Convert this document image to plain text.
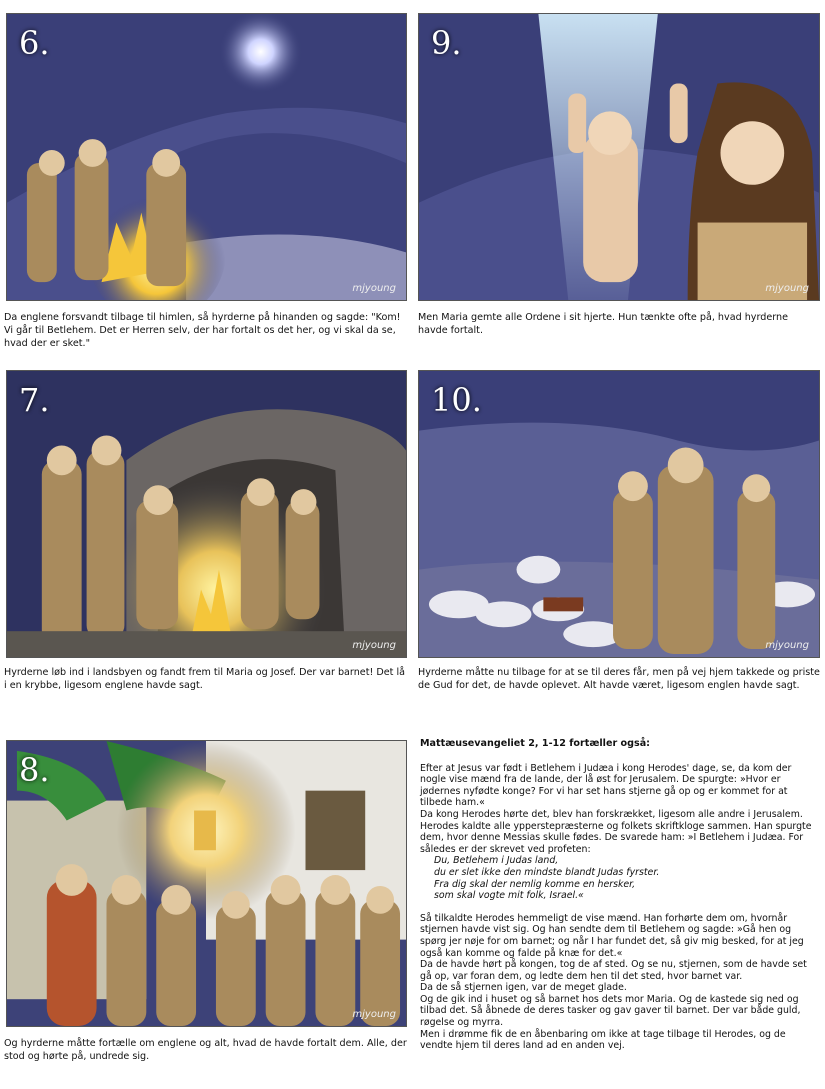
6.
mjyoung
Da englene forsvandt tilbage til himlen, så hyrderne på hinanden og sagde: "Kom! Vi går til Betlehem. Det er Herren selv, der har fortalt os det her, og vi skal da se, hvad der er sket."
9.
mjyoung
Men Maria gemte alle Ordene i sit hjerte. Hun tænkte ofte på, hvad hyrderne havde fortalt.
7.
mjyoung
Hyrderne løb ind i landsbyen og fandt frem til Maria og Josef. Der var barnet! Det lå i en krybbe, ligesom englene havde sagt.
10.
mjyoung
Hyrderne måtte nu tilbage for at se til deres får, men på vej hjem takkede og priste de Gud for det, de havde oplevet. Alt havde været, ligesom englen havde sagt.
8.
mjyoung
Og hyrderne måtte fortælle om englene og alt, hvad de havde fortalt dem. Alle, der stod og hørte på, undrede sig.
Mattæusevangeliet 2, 1-12 fortæller også:

Efter at Jesus var født i Betlehem i Judæa i kong Herodes' dage, se, da kom der nogle vise mænd fra de lande, der lå øst for Jerusalem. De spurgte: »Hvor er jødernes nyfødte konge? For vi har set hans stjerne gå op og er kommet for at tilbede ham.«

Da kong Herodes hørte det, blev han forskrækket, ligesom alle andre i Jerusalem. Herodes kaldte alle ypperstepræsterne og folkets skriftkloge sammen. Han spurgte dem, hvor denne Messias skulle fødes. De svarede ham: »I Betlehem i Judæa. For således er der skrevet ved profeten:

Du, Betlehem i Judas land,

du er slet ikke den mindste blandt Judas fyrster.

Fra dig skal der nemlig komme en hersker,

som skal vogte mit folk, Israel.«

Så tilkaldte Herodes hemmeligt de vise mænd. Han forhørte dem om, hvornår stjernen havde vist sig. Og han sendte dem til Betlehem og sagde: »Gå hen og spørg jer nøje for om barnet; og når I har fundet det, så giv mig besked, for at jeg også kan komme og falde på knæ for det.«

Da de havde hørt på kongen, tog de af sted. Og se nu, stjernen, som de havde set gå op, var foran dem, og ledte dem hen til det sted, hvor barnet var.

Da de så stjernen igen, var de meget glade.

Og de gik ind i huset og så barnet hos dets mor Maria. Og de kastede sig ned og tilbad det. Så åbnede de deres tasker og gav gaver til barnet. Der var både guld, røgelse og myrra.

Men i drømme fik de en åbenbaring om ikke at tage tilbage til Herodes, og de vendte hjem til deres land ad en anden vej.
